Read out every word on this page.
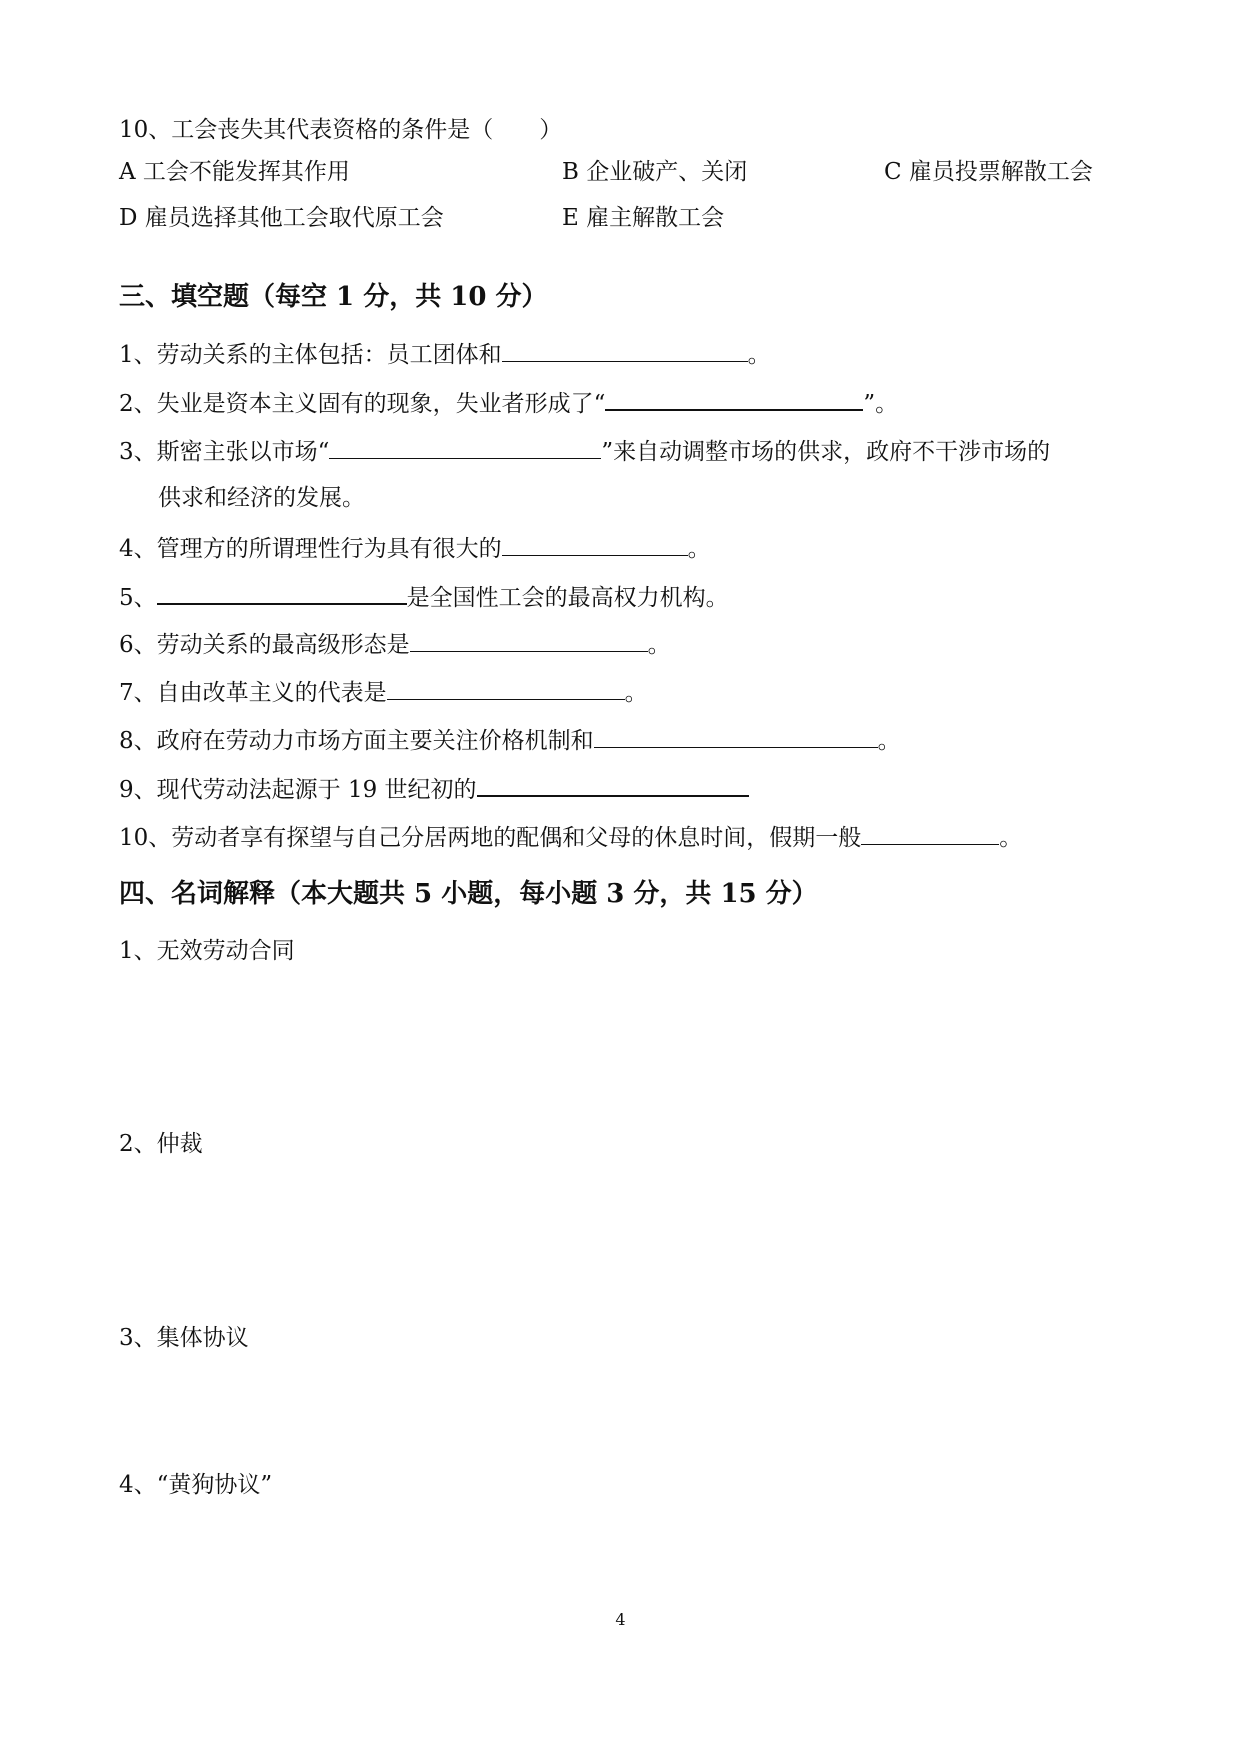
10、工会丧失其代表资格的条件是（　　）
A 工会不能发挥其作用	B 企业破产、关闭	C 雇员投票解散工会
D 雇员选择其他工会取代原工会	E 雇主解散工会
三、填空题（每空 1 分，共 10 分）
1、劳动关系的主体包括：员工团体和	。
2、失业是资本主义固有的现象，失业者形成了“	”。
3、斯密主张以市场“	”来自动调整市场的供求，政府不干涉市场的
供求和经济的发展。
4、管理方的所谓理性行为具有很大的	。
5、	是全国性工会的最高权力机构。
6、劳动关系的最高级形态是	。
7、自由改革主义的代表是	。
8、政府在劳动力市场方面主要关注价格机制和	。
9、现代劳动法起源于 19 世纪初的
10、劳动者享有探望与自己分居两地的配偶和父母的休息时间，假期一般	。
四、名词解释（本大题共 5 小题，每小题 3 分，共 15 分）
1、无效劳动合同
2、仲裁
3、集体协议
4、“黄狗协议”
4
